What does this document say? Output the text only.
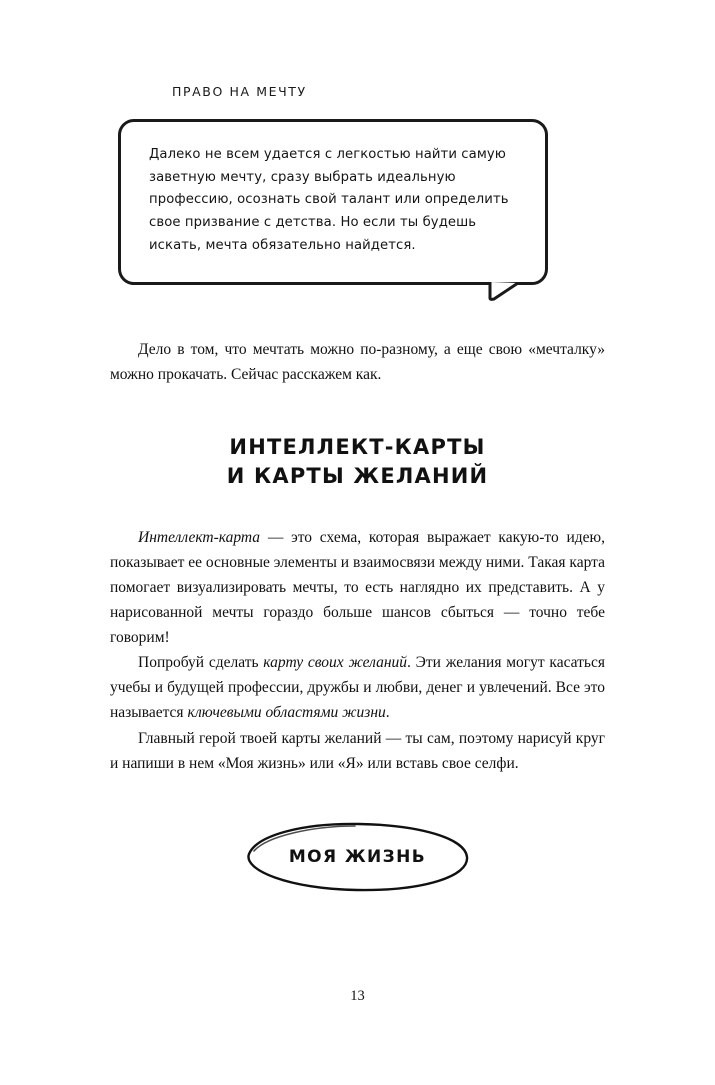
ПРАВО НА МЕЧТУ

Далеко не всем удается с легкостью найти самую заветную мечту, сразу выбрать идеальную профессию, осознать свой талант или определить свое призвание с детства. Но если ты будешь искать, мечта обязательно найдется.

Дело в том, что мечтать можно по-разному, а еще свою «мечталку» можно прокачать. Сейчас расскажем как.

ИНТЕЛЛЕКТ-КАРТЫ
И КАРТЫ ЖЕЛАНИЙ

Интеллект-карта — это схема, которая выражает какую-то идею, показывает ее основные элементы и взаимосвязи между ними. Такая карта помогает визуализировать мечты, то есть наглядно их представить. А у нарисованной мечты гораздо больше шансов сбыться — точно тебе говорим!

Попробуй сделать карту своих желаний. Эти желания могут касаться учебы и будущей профессии, дружбы и любви, денег и увлечений. Все это называется ключевыми областями жизни.

Главный герой твоей карты желаний — ты сам, поэтому нарисуй круг и напиши в нем «Моя жизнь» или «Я» или вставь свое селфи.

МОЯ ЖИЗНЬ
13
